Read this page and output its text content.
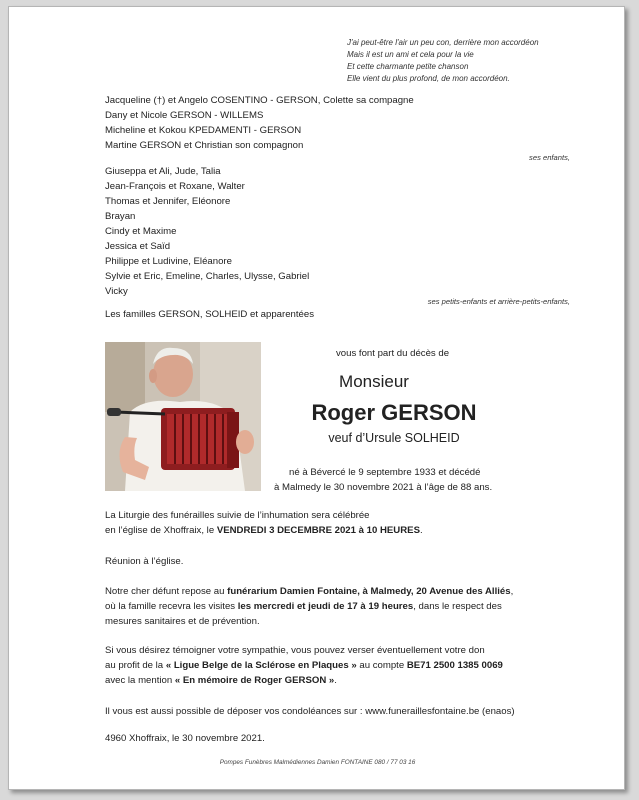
J'ai peut-être l'air un peu con, derrière mon accordéon
Mais il est un ami et cela pour la vie
Et cette charmante petite chanson
Elle vient du plus profond, de mon accordéon.
Jacqueline (†) et Angelo COSENTINO - GERSON, Colette sa compagne
Dany et Nicole GERSON - WILLEMS
Micheline et Kokou KPEDAMENTI - GERSON
Martine GERSON et Christian son compagnon
ses enfants,
Giuseppa et Ali, Jude, Talia
Jean-François et Roxane, Walter
Thomas et Jennifer, Eléonore
Brayan
Cindy et Maxime
Jessica et Saïd
Philippe et Ludivine, Eléanore
Sylvie et Eric, Emeline, Charles, Ulysse, Gabriel
Vicky
ses petits-enfants et arrière-petits-enfants,
Les familles GERSON, SOLHEID et apparentées
vous font part du décès de
Monsieur
Roger GERSON
veuf d’Ursule SOLHEID
né à Bévercé le 9 septembre 1933 et décédé
à Malmedy le 30 novembre 2021 à l’âge de 88 ans.
La Liturgie des funérailles suivie de l’inhumation sera célébrée
en l’église de Xhoffraix, le VENDREDI 3 DECEMBRE 2021 à 10 HEURES.
Réunion à l’église.
Notre cher défunt repose au funérarium Damien Fontaine, à Malmedy, 20 Avenue des Alliés,
où la famille recevra les visites les mercredi et jeudi de 17 à 19 heures, dans le respect des
mesures sanitaires et de prévention.
Si vous désirez témoigner votre sympathie, vous pouvez verser éventuellement votre don
au profit de la « Ligue Belge de la Sclérose en Plaques » au compte BE71 2500 1385 0069
avec la mention « En mémoire de Roger GERSON ».
Il vous est aussi possible de déposer vos condoléances sur : www.funerailles​fontaine.be (enaos)
4960 Xhoffraix, le 30 novembre 2021.
Pompes Funèbres Malmédiennes Damien FONTAINE 080 / 77 03 16
